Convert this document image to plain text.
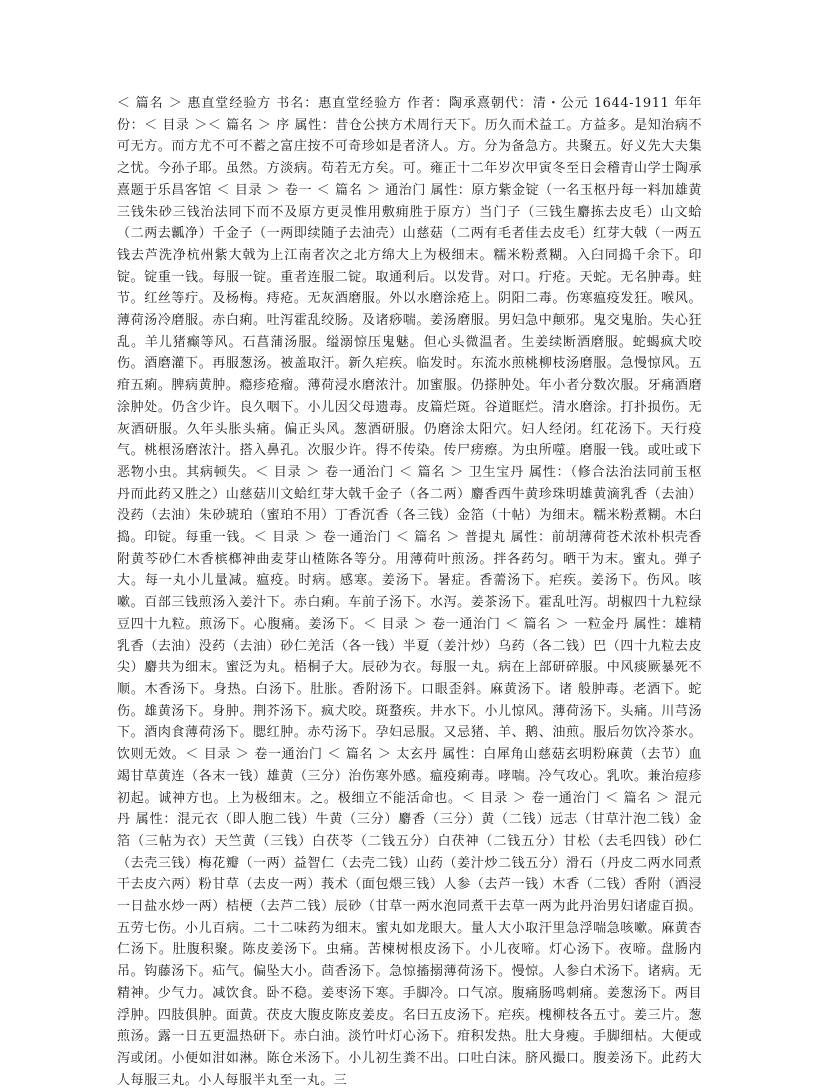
＜ 篇名 ＞ 惠直堂经验方 书名：惠直堂经验方 作者：陶承熹朝代：清・公元 1644-1911 年年份：＜ 目录 ＞＜ 篇名 ＞ 序 属性：昔仓公挟方术周行天下。历久而术益工。方益多。是知治病不可无方。而方尤不可不蓄之富庄按不可奇珍如是者济人。方。分为备急方。共聚五。好义先大夫集之忧。今孙子耶。虽然。方淡病。苟若无方矣。可。雍正十二年岁次甲寅冬至日会稽青山学士陶承熹题于乐昌客馆 ＜ 目录 ＞ 卷一 ＜ 篇名 ＞ 通治门 属性：原方紫金锭（一名玉枢丹每一料加雄黄三钱朱砂三钱治法同下而不及原方更灵惟用敷痈胜于原方）当门子（三钱生麝拣去皮毛）山文蛤（二两去瓤净）千金子（一两即续随子去油壳）山慈菇（二两有毛者佳去皮毛）红芽大戟（一两五钱去芦洗净杭州紫大戟为上江南者次之北方绵大上为极细末。糯米粉煮糊。入臼同捣千余下。印锭。锭重一钱。每服一锭。重者连服二锭。取通利后。以发背。对口。疔疮。天蛇。无名肿毒。蛀节。红丝等疔。及杨梅。痔疮。无灰酒磨服。外以水磨涂疮上。阴阳二毒。伤寒瘟疫发狂。喉风。薄荷汤冷磨服。赤白痢。吐泻霍乱绞肠。及诸痧喘。姜汤磨服。男妇急中颠邪。鬼交鬼胎。失心狂乱。羊儿猪癫等风。石菖蒲汤服。缢溺惊压鬼魅。但心头微温者。生姜续断酒磨服。蛇蝎疯犬咬伤。酒磨灌下。再服葱汤。被盖取汗。新久疟疾。临发时。东流水煎桃柳枝汤磨服。急慢惊风。五疳五痢。脾病黄肿。瘾疹疮瘤。薄荷浸水磨浓汁。加蜜服。仍搽肿处。年小者分数次服。牙痛酒磨涂肿处。仍含少许。良久咽下。小儿因父母遗毒。皮篇烂斑。谷道眶烂。清水磨涂。打扑损伤。无灰酒研服。久年头胀头痛。偏正头风。葱酒研服。仍磨涂太阳穴。妇人经闭。红花汤下。天行疫气。桃根汤磨浓汁。搭入鼻孔。次服少许。得不传染。传尸痨瘵。为虫所噬。磨服一钱。或吐或下恶物小虫。其病顿失。＜ 目录 ＞ 卷一通治门 ＜ 篇名 ＞ 卫生宝丹 属性：（修合法治法同前玉枢丹而此药又胜之）山慈菇川文蛤红芽大戟千金子（各二两）麝香西牛黄珍珠明雄黄滴乳香（去油）没药（去油）朱砂琥珀（蜜珀不用）丁香沉香（各三钱）金箔（十帖）为细末。糯米粉煮糊。木臼捣。印锭。每重一钱。＜ 目录 ＞ 卷一通治门 ＜ 篇名 ＞ 普提丸 属性：前胡薄荷苍术浓朴枳壳香附黄芩砂仁木香槟榔神曲麦芽山楂陈各等分。用薄荷叶煎汤。拌各药匀。晒干为末。蜜丸。弹子大。每一丸小儿量减。瘟疫。时病。感寒。姜汤下。暑症。香薷汤下。疟疾。姜汤下。伤风。咳嗽。百部三钱煎汤入姜汁下。赤白痢。车前子汤下。水泻。姜茶汤下。霍乱吐泻。胡椒四十九粒绿豆四十九粒。煎汤下。心腹痛。姜汤下。＜ 目录 ＞ 卷一通治门 ＜ 篇名 ＞ 一粒金丹 属性：雄精乳香（去油）没药（去油）砂仁羌活（各一钱）半夏（姜汁炒）乌药（各二钱）巴（四十九粒去皮尖）麝共为细末。蜜泛为丸。梧桐子大。辰砂为衣。每服一丸。病在上部研碎服。中风痰厥暴死不顺。木香汤下。身热。白汤下。肚胀。香附汤下。口眼歪斜。麻黄汤下。诸 般肿毒。老酒下。蛇伤。雄黄汤下。身肿。荆芥汤下。疯犬咬。斑蝥疾。井水下。小儿惊风。薄荷汤下。头痛。川芎汤下。酒肉食薄荷汤下。腮红肿。赤芍汤下。孕妇忌服。又忌猪、羊、鹅、油煎。服后勿饮冷茶水。饮则无效。＜ 目录 ＞ 卷一通治门 ＜ 篇名 ＞ 太玄丹 属性：白犀角山慈菇玄明粉麻黄（去节）血竭甘草黄连（各末一钱）雄黄（三分）治伤寒外感。瘟疫痢毒。哮喘。冷气攻心。乳吹。兼治痘疹初起。诚神方也。上为极细末。之。极细立不能活命也。＜ 目录 ＞ 卷一通治门 ＜ 篇名 ＞ 混元丹 属性：混元衣（即人胞二钱）牛黄（三分）麝香（三分）黄（二钱）远志（甘草汁泡二钱）金箔（三帖为衣）天竺黄（三钱）白茯苓（二钱五分）白茯神（二钱五分）甘松（去毛四钱）砂仁（去壳三钱）梅花瓣（一两）益智仁（去壳二钱）山药（姜汁炒二钱五分）滑石（丹皮二两水同煮干去皮六两）粉甘草（去皮一两）莪术（面包煨三钱）人参（去芦一钱）木香（二钱）香附（酒浸一日盐水炒一两）桔梗（去芦二钱）辰砂（甘草一两水泡同煮干去草一两为此丹治男妇诸虚百损。五劳七伤。小儿百病。二十二味药为细末。蜜丸如龙眼大。量人大小取汗里急浮喘急咳嗽。麻黄杏仁汤下。肚腹积聚。陈皮姜汤下。虫痛。苦楝树根皮汤下。小儿夜啼。灯心汤下。夜啼。盘肠内吊。钩藤汤下。疝气。偏坠大小。茴香汤下。急惊搐搦薄荷汤下。慢惊。人参白术汤下。诸病。无精神。少气力。减饮食。卧不稳。姜枣汤下寒。手脚冷。口气凉。腹痛肠鸣刺痛。姜葱汤下。两目浮肿。四肢俱肿。面黄。茯皮大腹皮陈皮姜皮。名曰五皮汤下。疟疾。槐柳枝各五寸。姜三片。葱煎汤。露一日五更温热研下。赤白油。淡竹叶灯心汤下。疳积发热。肚大身瘦。手脚细枯。大便或泻或闭。小便如泔如淋。陈仓米汤下。小儿初生粪不出。口吐白沫。脐风撮口。腹姜汤下。此药大人每服三丸。小人每服半丸至一丸。三
